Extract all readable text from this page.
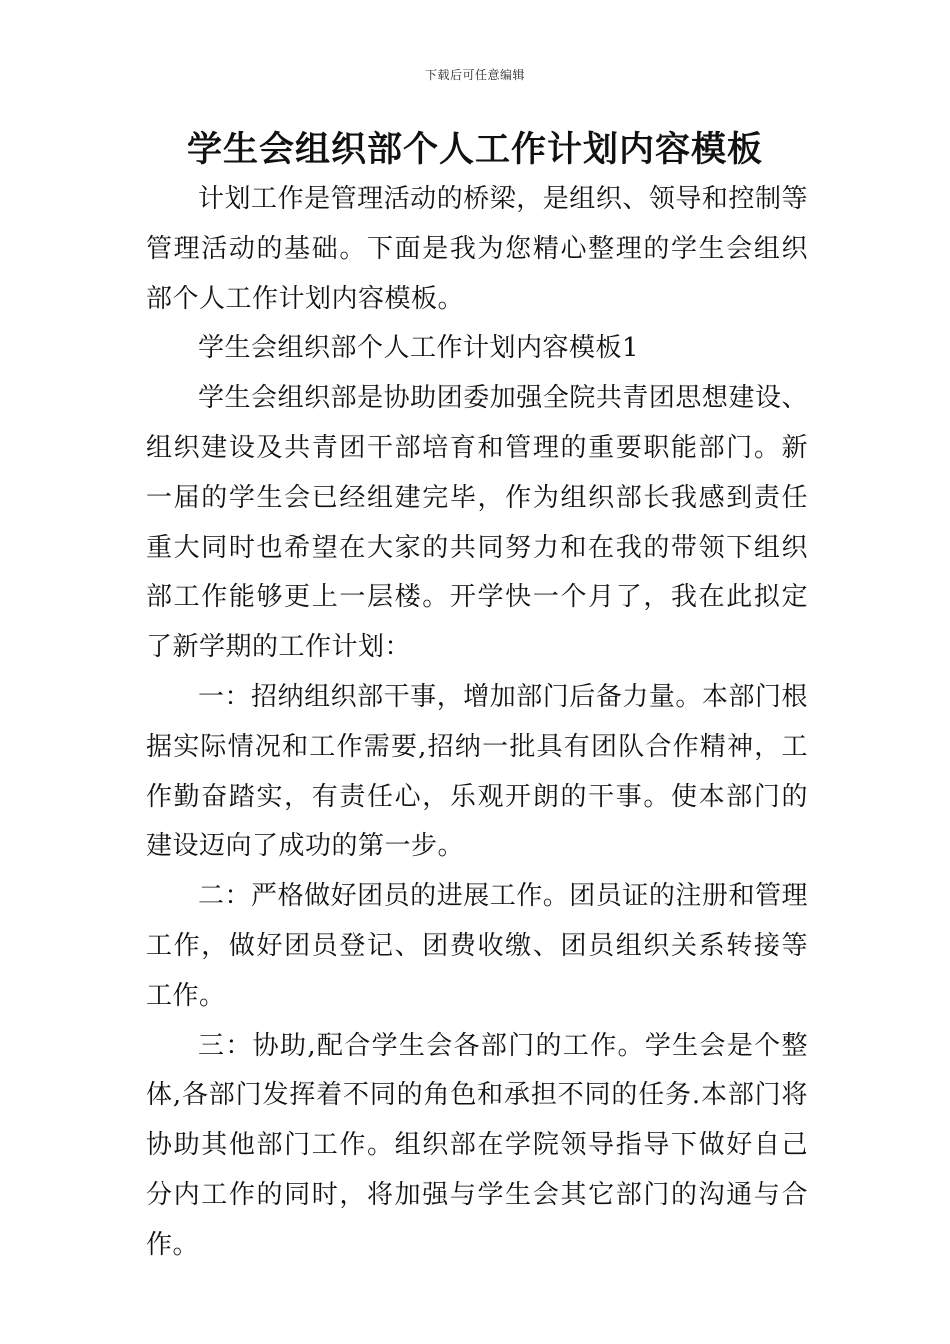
下载后可任意编辑
学生会组织部个人工作计划内容模板

计划工作是管理活动的桥梁，是组织、领导和控制等管理活动的基础。下面是我为您精心整理的学生会组织部个人工作计划内容模板。

学生会组织部个人工作计划内容模板1

学生会组织部是协助团委加强全院共青团思想建设、组织建设及共青团干部培育和管理的重要职能部门。新一届的学生会已经组建完毕，作为组织部长我感到责任重大同时也希望在大家的共同努力和在我的带领下组织部工作能够更上一层楼。开学快一个月了，我在此拟定了新学期的工作计划：

一：招纳组织部干事，增加部门后备力量。本部门根据实际情况和工作需要,招纳一批具有团队合作精神，工作勤奋踏实，有责任心，乐观开朗的干事。使本部门的建设迈向了成功的第一步。

二：严格做好团员的进展工作。团员证的注册和管理工作，做好团员登记、团费收缴、团员组织关系转接等工作。

三：协助,配合学生会各部门的工作。学生会是个整体,各部门发挥着不同的角色和承担不同的任务.本部门将协助其他部门工作。组织部在学院领导指导下做好自己分内工作的同时，将加强与学生会其它部门的沟通与合作。
